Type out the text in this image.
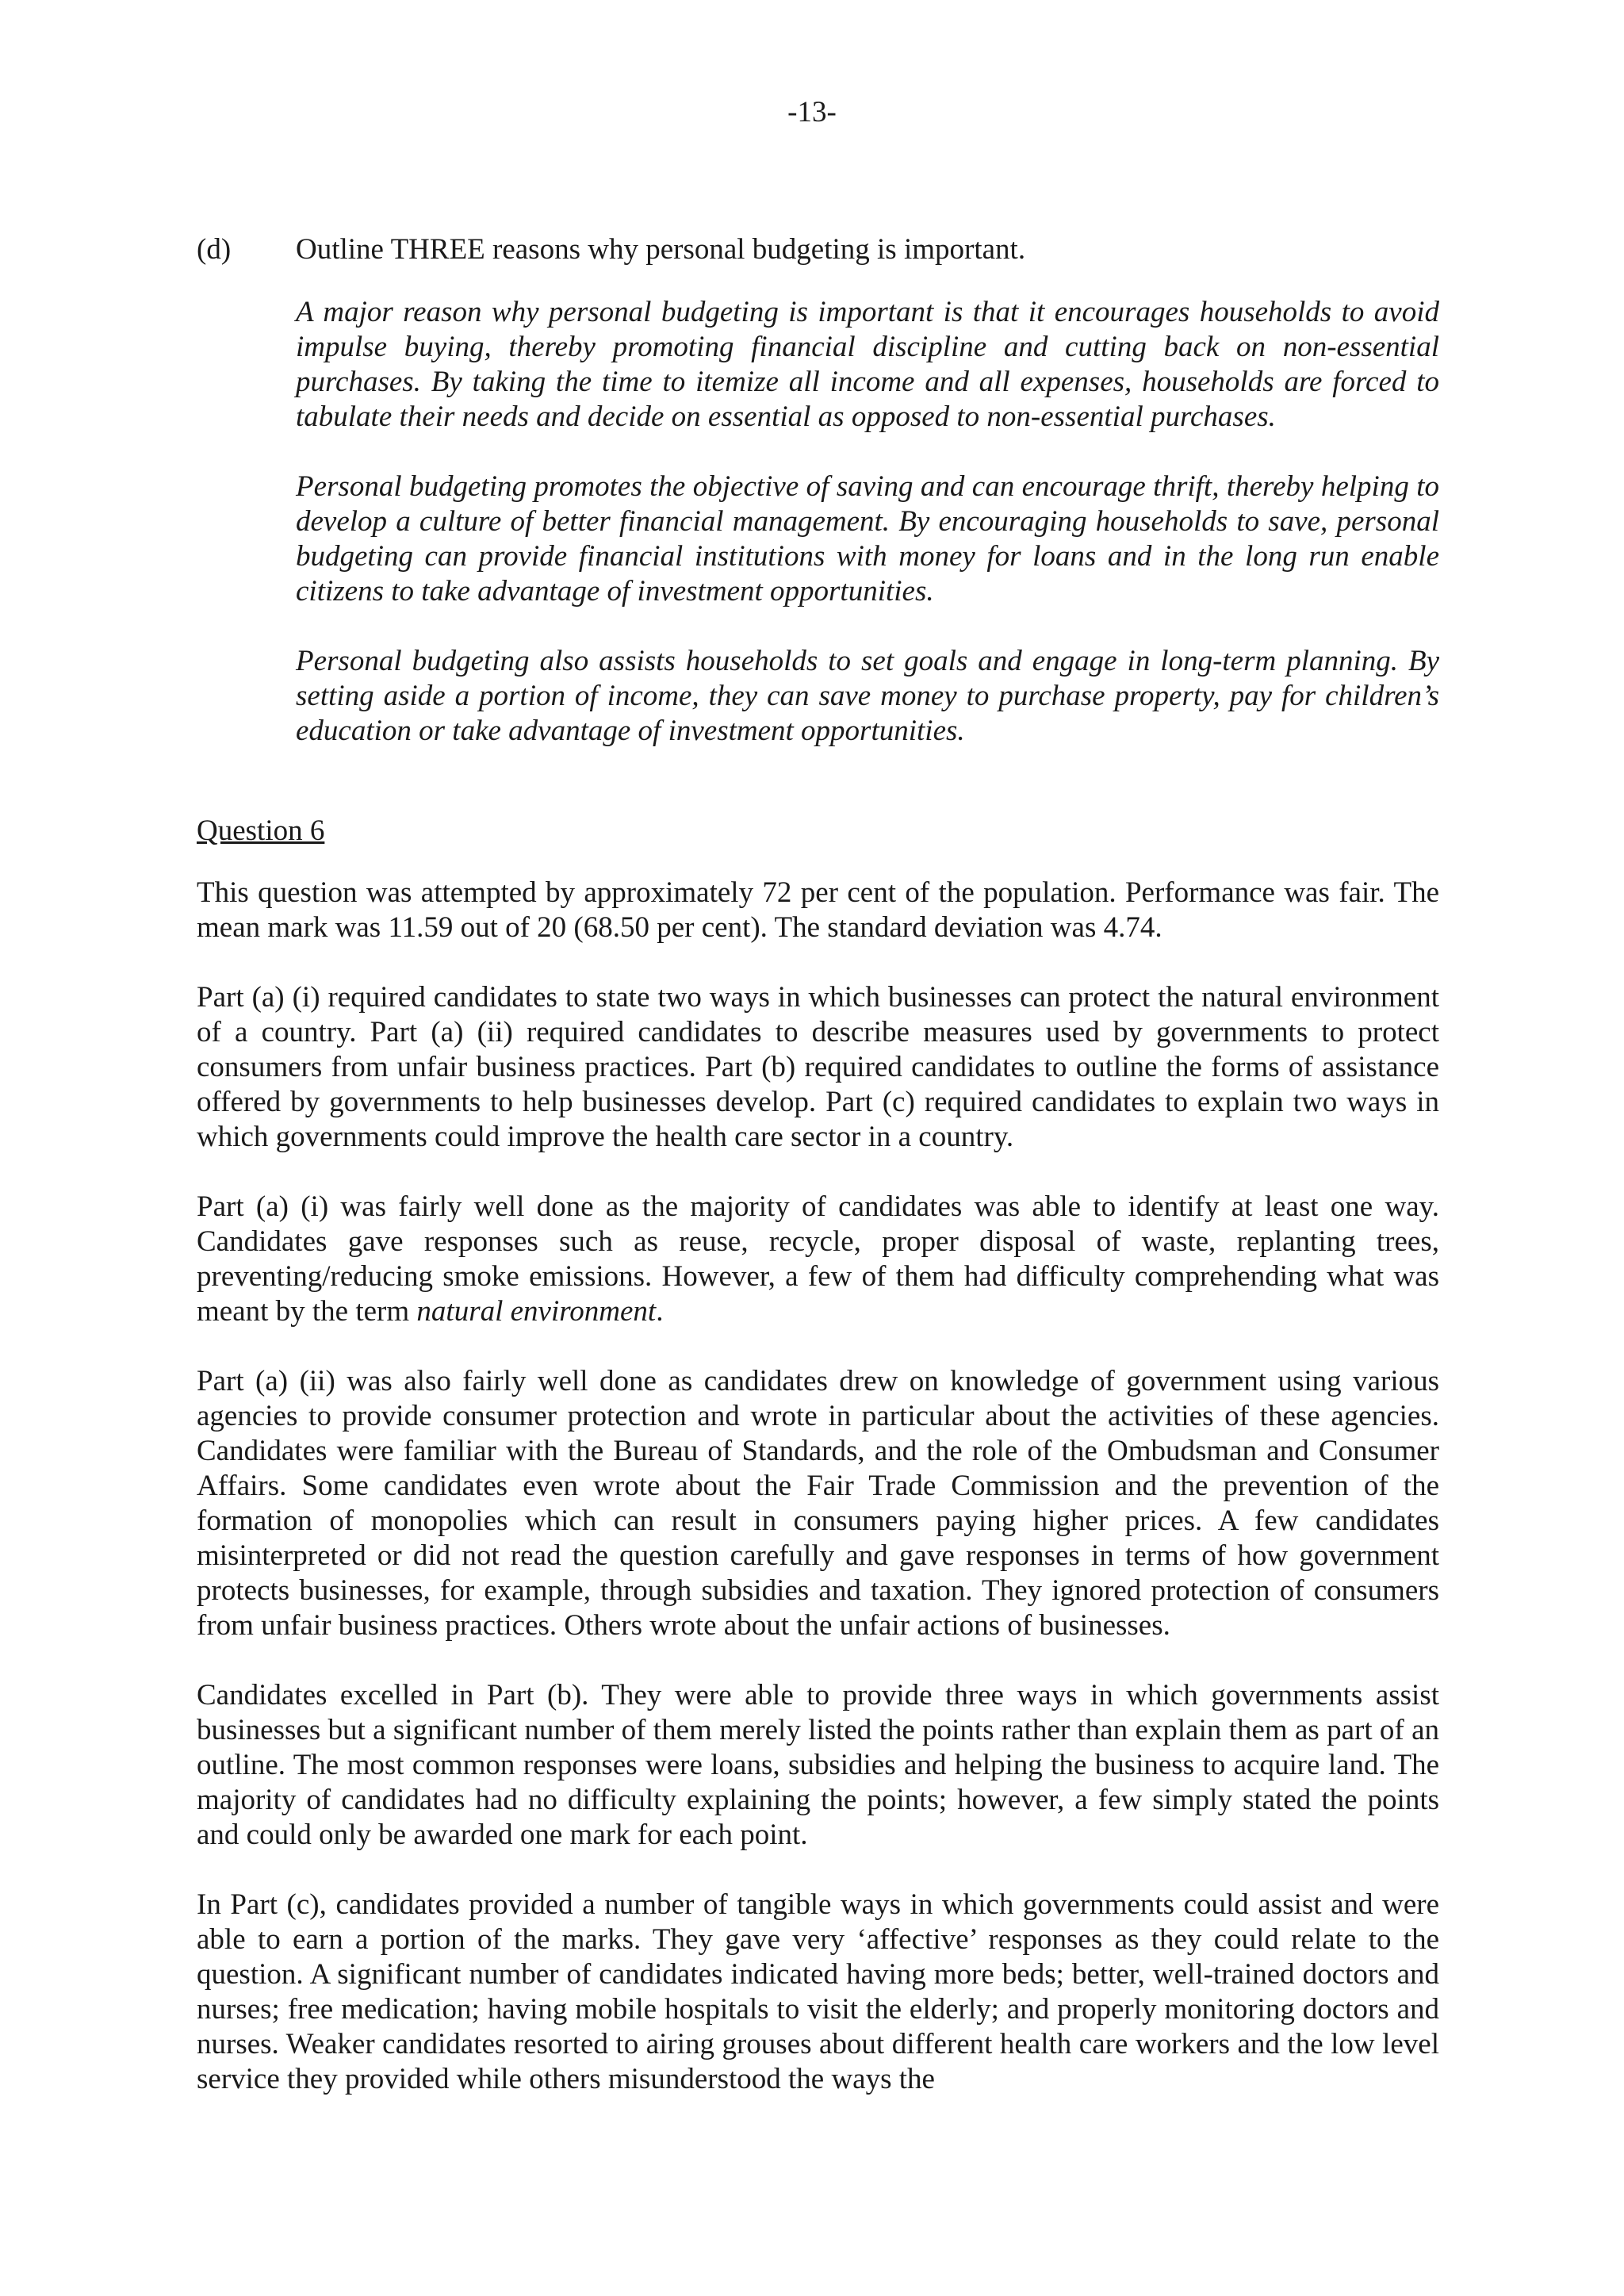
-13-
(d) Outline THREE reasons why personal budgeting is important.

A major reason why personal budgeting is important is that it encourages households to avoid impulse buying, thereby promoting financial discipline and cutting back on non-essential purchases. By taking the time to itemize all income and all expenses, households are forced to tabulate their needs and decide on essential as opposed to non-essential purchases.

Personal budgeting promotes the objective of saving and can encourage thrift, thereby helping to develop a culture of better financial management. By encouraging households to save, personal budgeting can provide financial institutions with money for loans and in the long run enable citizens to take advantage of investment opportunities.

Personal budgeting also assists households to set goals and engage in long-term planning. By setting aside a portion of income, they can save money to purchase property, pay for children’s education or take advantage of investment opportunities.

Question 6

This question was attempted by approximately 72 per cent of the population. Performance was fair. The mean mark was 11.59 out of 20 (68.50 per cent). The standard deviation was 4.74.

Part (a) (i) required candidates to state two ways in which businesses can protect the natural environment of a country. Part (a) (ii) required candidates to describe measures used by governments to protect consumers from unfair business practices. Part (b) required candidates to outline the forms of assistance offered by governments to help businesses develop. Part (c) required candidates to explain two ways in which governments could improve the health care sector in a country.

Part (a) (i) was fairly well done as the majority of candidates was able to identify at least one way. Candidates gave responses such as reuse, recycle, proper disposal of waste, replanting trees, preventing/reducing smoke emissions. However, a few of them had difficulty comprehending what was meant by the term natural environment.

Part (a) (ii) was also fairly well done as candidates drew on knowledge of government using various agencies to provide consumer protection and wrote in particular about the activities of these agencies. Candidates were familiar with the Bureau of Standards, and the role of the Ombudsman and Consumer Affairs. Some candidates even wrote about the Fair Trade Commission and the prevention of the formation of monopolies which can result in consumers paying higher prices. A few candidates misinterpreted or did not read the question carefully and gave responses in terms of how government protects businesses, for example, through subsidies and taxation. They ignored protection of consumers from unfair business practices. Others wrote about the unfair actions of businesses.

Candidates excelled in Part (b). They were able to provide three ways in which governments assist businesses but a significant number of them merely listed the points rather than explain them as part of an outline. The most common responses were loans, subsidies and helping the business to acquire land. The majority of candidates had no difficulty explaining the points; however, a few simply stated the points and could only be awarded one mark for each point.

In Part (c), candidates provided a number of tangible ways in which governments could assist and were able to earn a portion of the marks. They gave very ‘affective’ responses as they could relate to the question. A significant number of candidates indicated having more beds; better, well-trained doctors and nurses; free medication; having mobile hospitals to visit the elderly; and properly monitoring doctors and nurses. Weaker candidates resorted to airing grouses about different health care workers and the low level service they provided while others misunderstood the ways the
